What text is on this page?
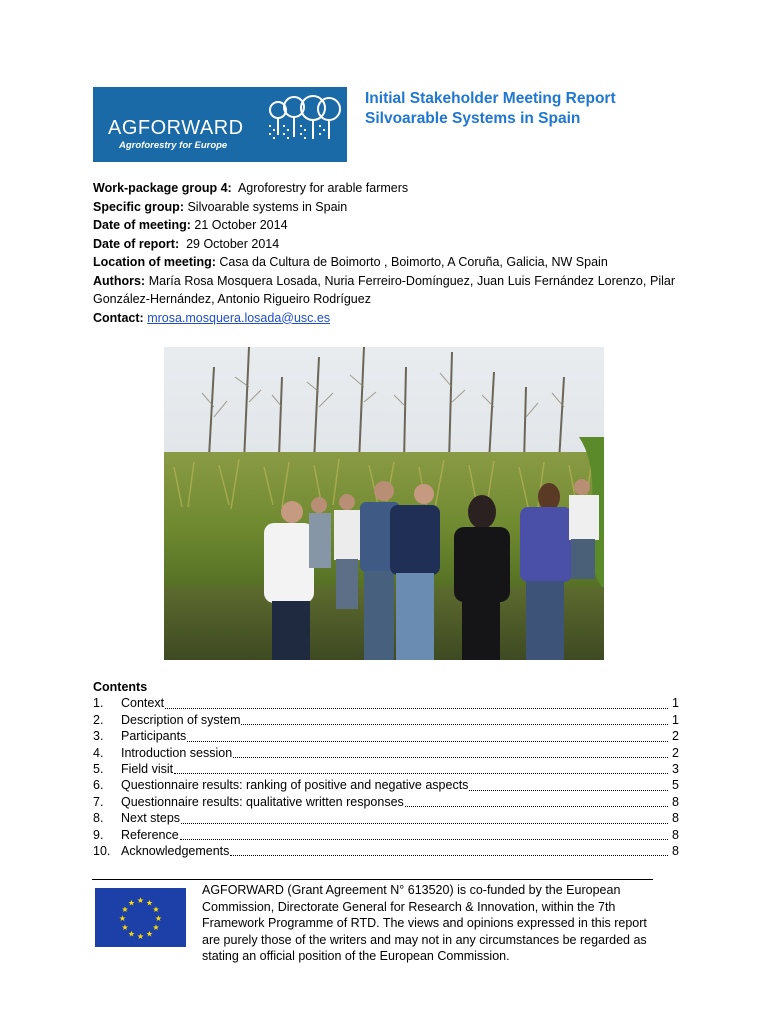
AGFORWARD
Agroforestry for Europe
Initial Stakeholder Meeting Report
Silvoarable Systems in Spain
Work-package group 4:  Agroforestry for arable farmers
Specific group: Silvoarable systems in Spain
Date of meeting: 21 October 2014
Date of report:  29 October 2014
Location of meeting: Casa da Cultura de Boimorto , Boimorto, A Coruña, Galicia, NW Spain
Authors: María Rosa Mosquera Losada, Nuria Ferreiro-Domínguez, Juan Luis Fernández Lorenzo, Pilar González-Hernández, Antonio Rigueiro Rodríguez
Contact: mrosa.mosquera.losada@usc.es
Contents
1.	Context	1
2.	Description of system	1
3.	Participants	2
4.	Introduction session	2
5.	Field visit	3
6.	Questionnaire results: ranking of positive and negative aspects	5
7.	Questionnaire results: qualitative written responses	8
8.	Next steps	8
9.	Reference	8
10. Acknowledgements	8
★ ★
★
★
★
★
★
★
★
★
★
★
AGFORWARD (Grant Agreement N° 613520) is co-funded by the European Commission, Directorate General for Research & Innovation, within the 7th Framework Programme of RTD. The views and opinions expressed in this report are purely those of the writers and may not in any circumstances be regarded as stating an official position of the European Commission.
